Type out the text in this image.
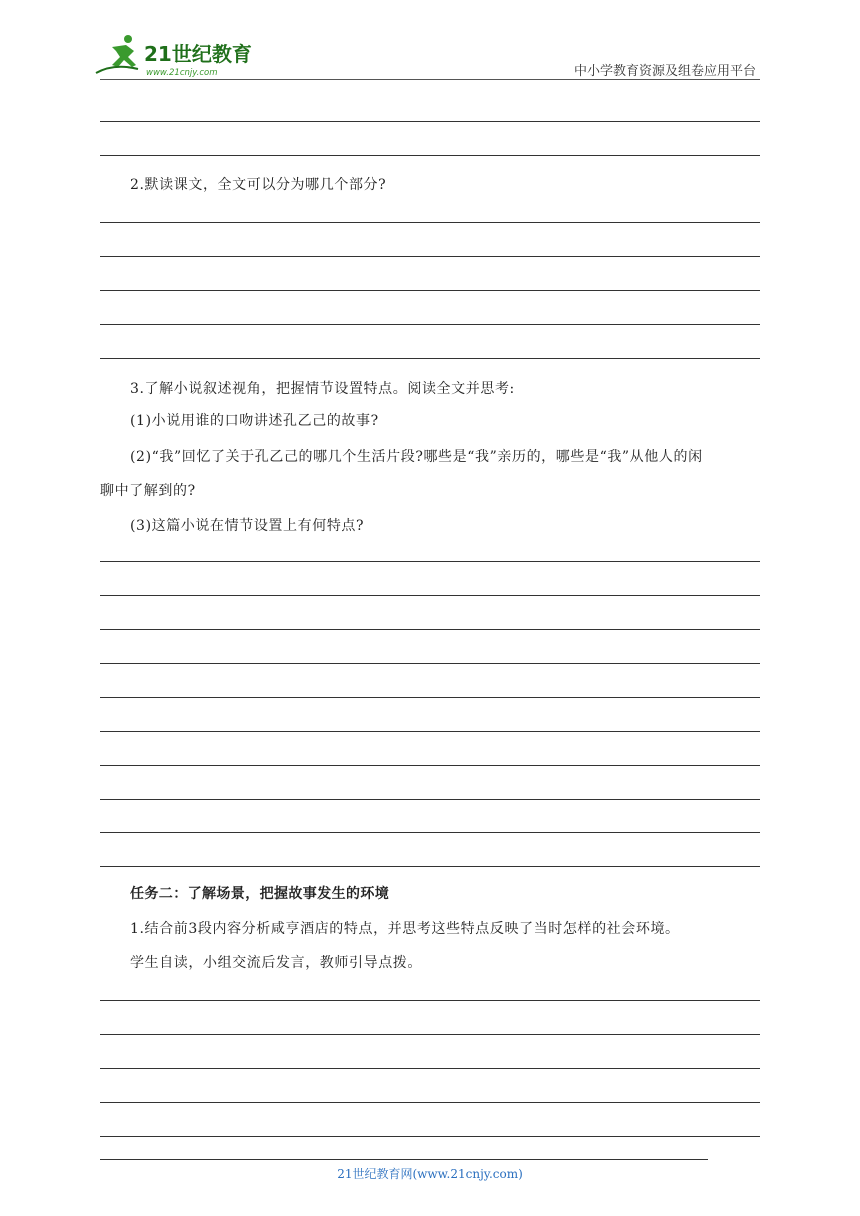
21世纪教育
www.21cnjy.com	中小学教育资源及组卷应用平台
2.默读课文，全文可以分为哪几个部分?
3.了解小说叙述视角，把握情节设置特点。阅读全文并思考:
(1)小说用谁的口吻讲述孔乙己的故事?
(2)“我”回忆了关于孔乙己的哪几个生活片段?哪些是“我”亲历的，哪些是“我”从他人的闲
聊中了解到的?
(3)这篇小说在情节设置上有何特点?
任务二：了解场景，把握故事发生的环境
1.结合前3段内容分析咸亨酒店的特点，并思考这些特点反映了当时怎样的社会环境。
学生自读，小组交流后发言，教师引导点拨。
21世纪教育网(www.21cnjy.com)
